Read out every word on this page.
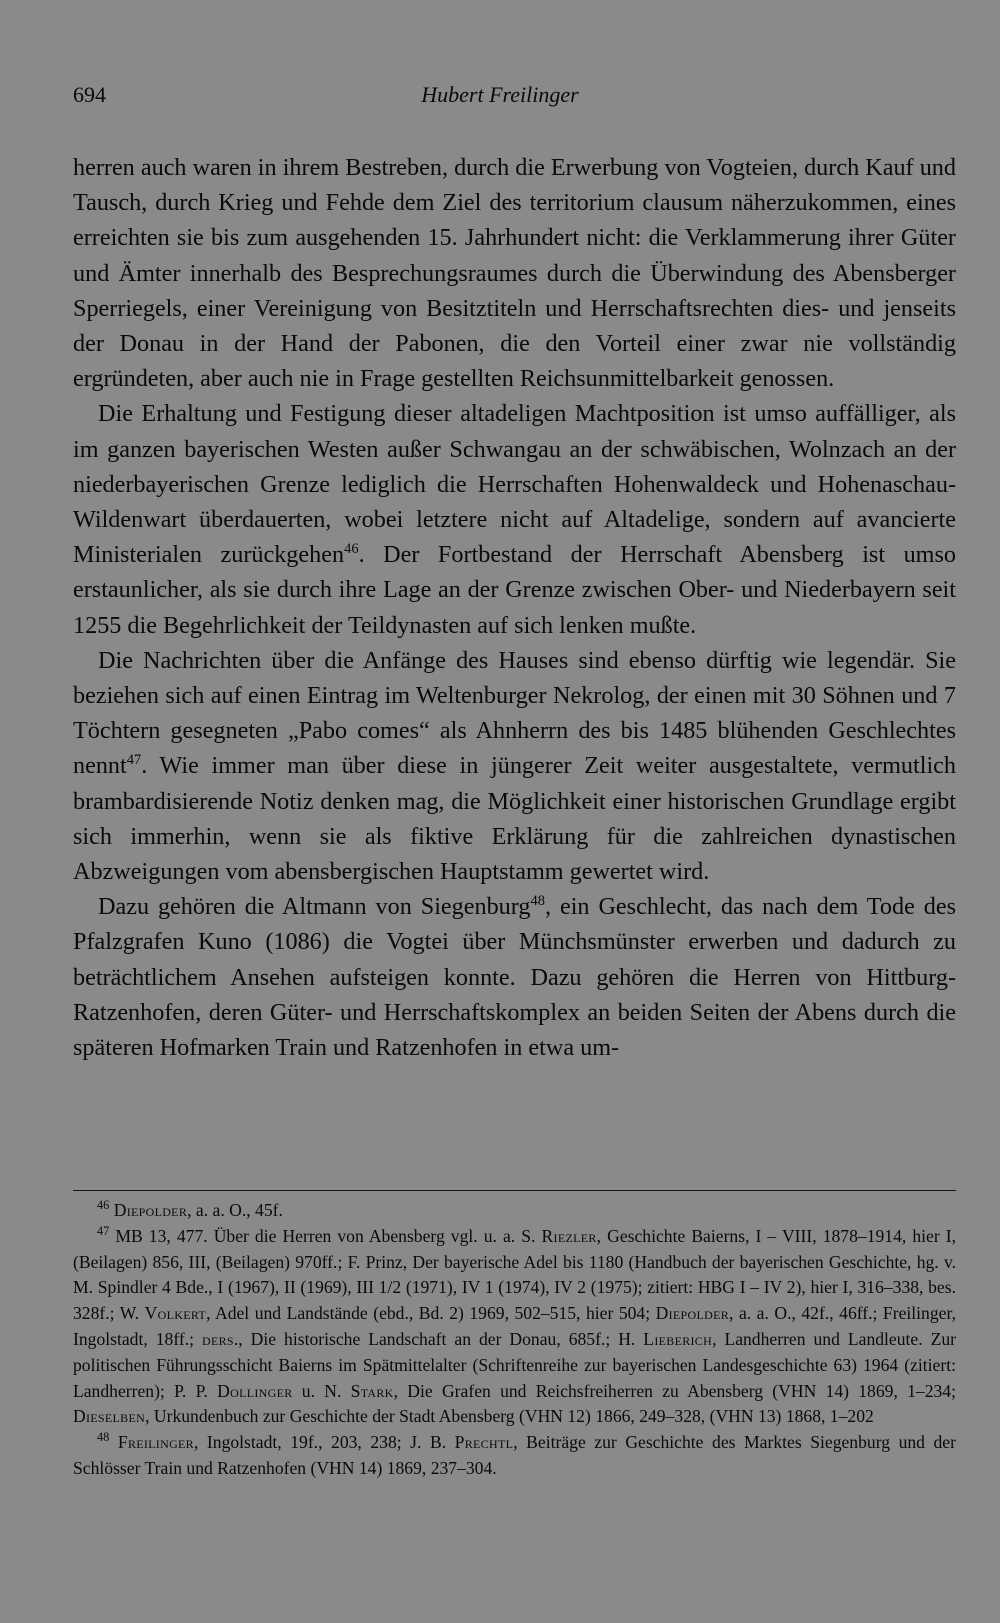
694	Hubert Freilinger

herren auch waren in ihrem Bestreben, durch die Erwerbung von Vogteien, durch Kauf und Tausch, durch Krieg und Fehde dem Ziel des territorium clausum näherzukommen, eines erreichten sie bis zum ausgehenden 15. Jahrhundert nicht: die Verklammerung ihrer Güter und Ämter innerhalb des Besprechungsraumes durch die Überwindung des Abensberger Sperriegels, einer Vereinigung von Besitztiteln und Herrschaftsrechten dies- und jenseits der Donau in der Hand der Pabonen, die den Vorteil einer zwar nie vollständig ergründeten, aber auch nie in Frage gestellten Reichsunmittelbarkeit genossen.

Die Erhaltung und Festigung dieser altadeligen Machtposition ist umso auffälliger, als im ganzen bayerischen Westen außer Schwangau an der schwäbischen, Wolnzach an der niederbayerischen Grenze lediglich die Herrschaften Hohenwaldeck und Hohenaschau-Wildenwart überdauerten, wobei letztere nicht auf Altadelige, sondern auf avancierte Ministerialen zurückgehen$^{46}$. Der Fortbestand der Herrschaft Abensberg ist umso erstaunlicher, als sie durch ihre Lage an der Grenze zwischen Ober- und Niederbayern seit 1255 die Begehrlichkeit der Teildynasten auf sich lenken mußte.

Die Nachrichten über die Anfänge des Hauses sind ebenso dürftig wie legendär. Sie beziehen sich auf einen Eintrag im Weltenburger Nekrolog, der einen mit 30 Söhnen und 7 Töchtern gesegneten „Pabo comes“ als Ahnherrn des bis 1485 blühenden Geschlechtes nennt$^{47}$. Wie immer man über diese in jüngerer Zeit weiter ausgestaltete, vermutlich brambardisierende Notiz denken mag, die Möglichkeit einer historischen Grundlage ergibt sich immerhin, wenn sie als fiktive Erklärung für die zahlreichen dynastischen Abzweigungen vom abensbergischen Hauptstamm gewertet wird.

Dazu gehören die Altmann von Siegenburg$^{48}$, ein Geschlecht, das nach dem Tode des Pfalzgrafen Kuno (1086) die Vogtei über Münchsmünster erwerben und dadurch zu beträchtlichem Ansehen aufsteigen konnte. Dazu gehören die Herren von Hittburg-Ratzenhofen, deren Güter- und Herrschaftskomplex an beiden Seiten der Abens durch die späteren Hofmarken Train und Ratzenhofen in etwa um-

$^{46}$ Diepolder, a. a. O., 45f.

$^{47}$ MB 13, 477. Über die Herren von Abensberg vgl. u. a. S. Riezler, Geschichte Baierns, I – VIII, 1878–1914, hier I, (Beilagen) 856, III, (Beilagen) 970ff.; F. Prinz, Der bayerische Adel bis 1180 (Handbuch der bayerischen Geschichte, hg. v. M. Spindler 4 Bde., I (1967), II (1969), III 1/2 (1971), IV 1 (1974), IV 2 (1975); zitiert: HBG I – IV 2), hier I, 316–338, bes. 328f.; W. Volkert, Adel und Landstände (ebd., Bd. 2) 1969, 502–515, hier 504; Diepolder, a. a. O., 42f., 46ff.; Freilinger, Ingolstadt, 18ff.; ders., Die historische Landschaft an der Donau, 685f.; H. Lieberich, Landherren und Landleute. Zur politischen Führungsschicht Baierns im Spätmittelalter (Schriftenreihe zur bayerischen Landesgeschichte 63) 1964 (zitiert: Landherren); P. P. Dollinger u. N. Stark, Die Grafen und Reichsfreiherren zu Abensberg (VHN 14) 1869, 1–234; Dieselben, Urkundenbuch zur Geschichte der Stadt Abensberg (VHN 12) 1866, 249–328, (VHN 13) 1868, 1–202

$^{48}$ Freilinger, Ingolstadt, 19f., 203, 238; J. B. Prechtl, Beiträge zur Geschichte des Marktes Siegenburg und der Schlösser Train und Ratzenhofen (VHN 14) 1869, 237–304.
